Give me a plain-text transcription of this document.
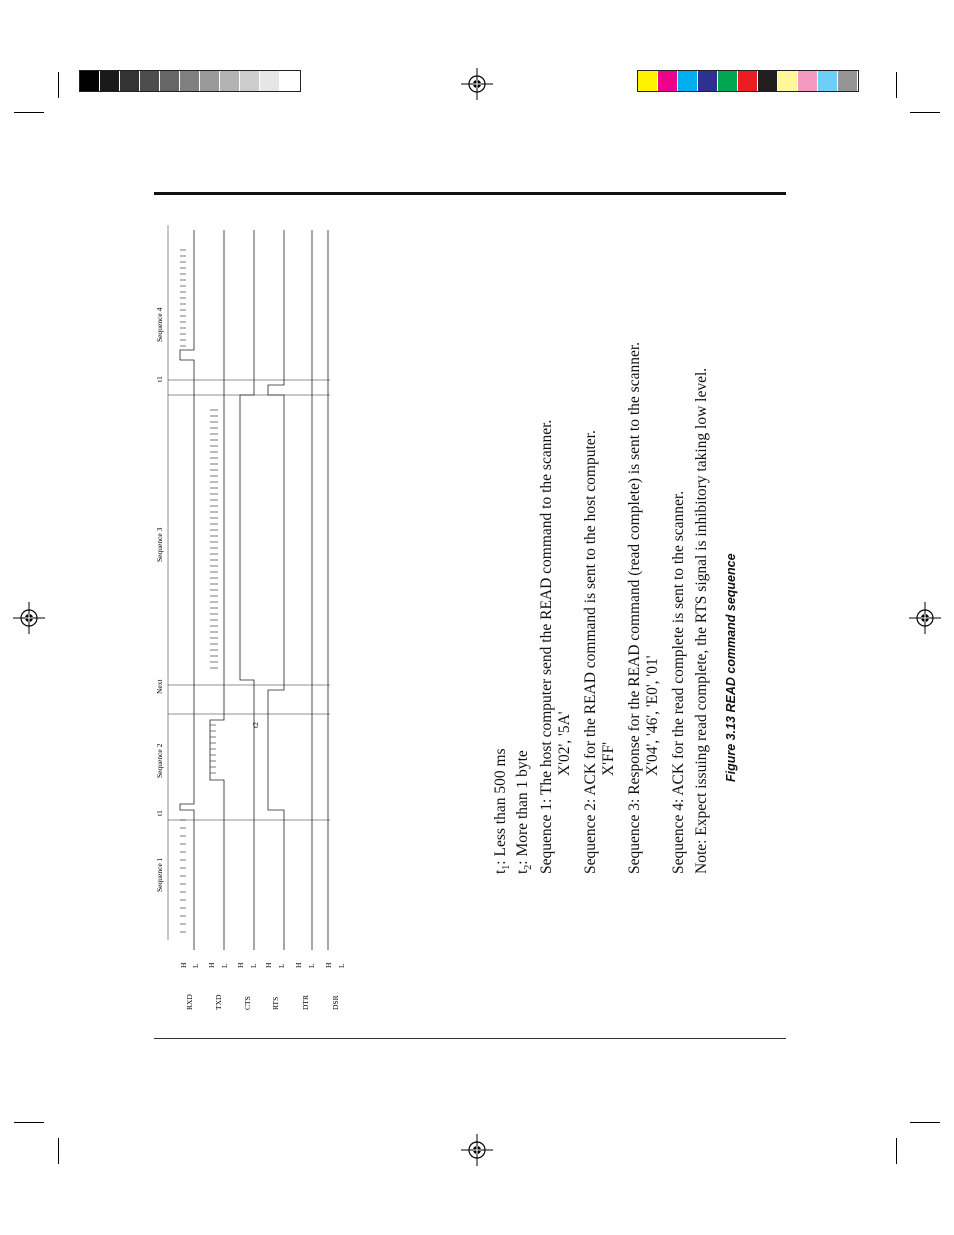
RXD	TXD	CTS	RTS	DTR	DSR
H L H L H L H L H L H L
Sequence 1
Sequence 2
Next
Sequence 3
Sequence 4
t1
t2
t1
$t_1$: Less than 500 ms
$t_2$: More than 1 byte Sequence 1: The host computer send the READ command to the scanner. X'02', '5A' Sequence 2: ACK for the READ command is sent to the host computer. X'FF' Sequence 3: Response for the READ command (read complete) is sent to the scanner. X'04', '46', 'E0', '01' Sequence 4: ACK for the read complete is sent to the scanner. Note: Expect issuing read complete, the RTS signal is inhibitory taking low level. Figure 3.13 READ command sequence
